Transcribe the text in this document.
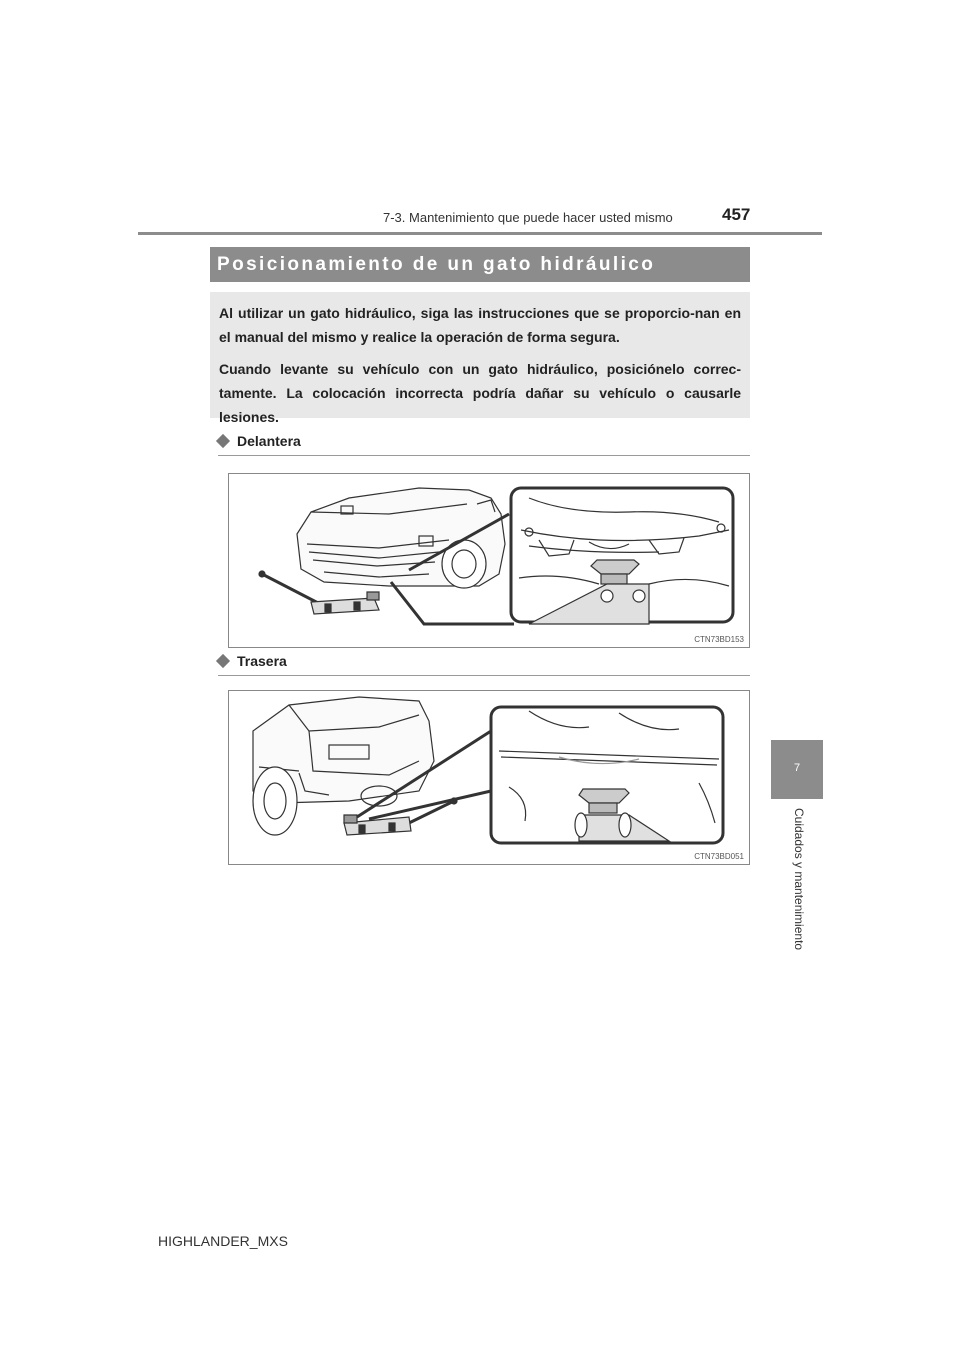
7-3. Mantenimiento que puede hacer usted mismo	457
7
Cuidados y mantenimiento
Posicionamiento de un gato hidráulico

Al utilizar un gato hidráulico, siga las instrucciones que se proporcio-nan en el manual del mismo y realice la operación de forma segura.

Cuando levante su vehículo con un gato hidráulico, posiciónelo correc-tamente. La colocación incorrecta podría dañar su vehículo o causarle lesiones.

Delantera
CTN73BD153
Trasera
CTN73BD051
HIGHLANDER_MXS
